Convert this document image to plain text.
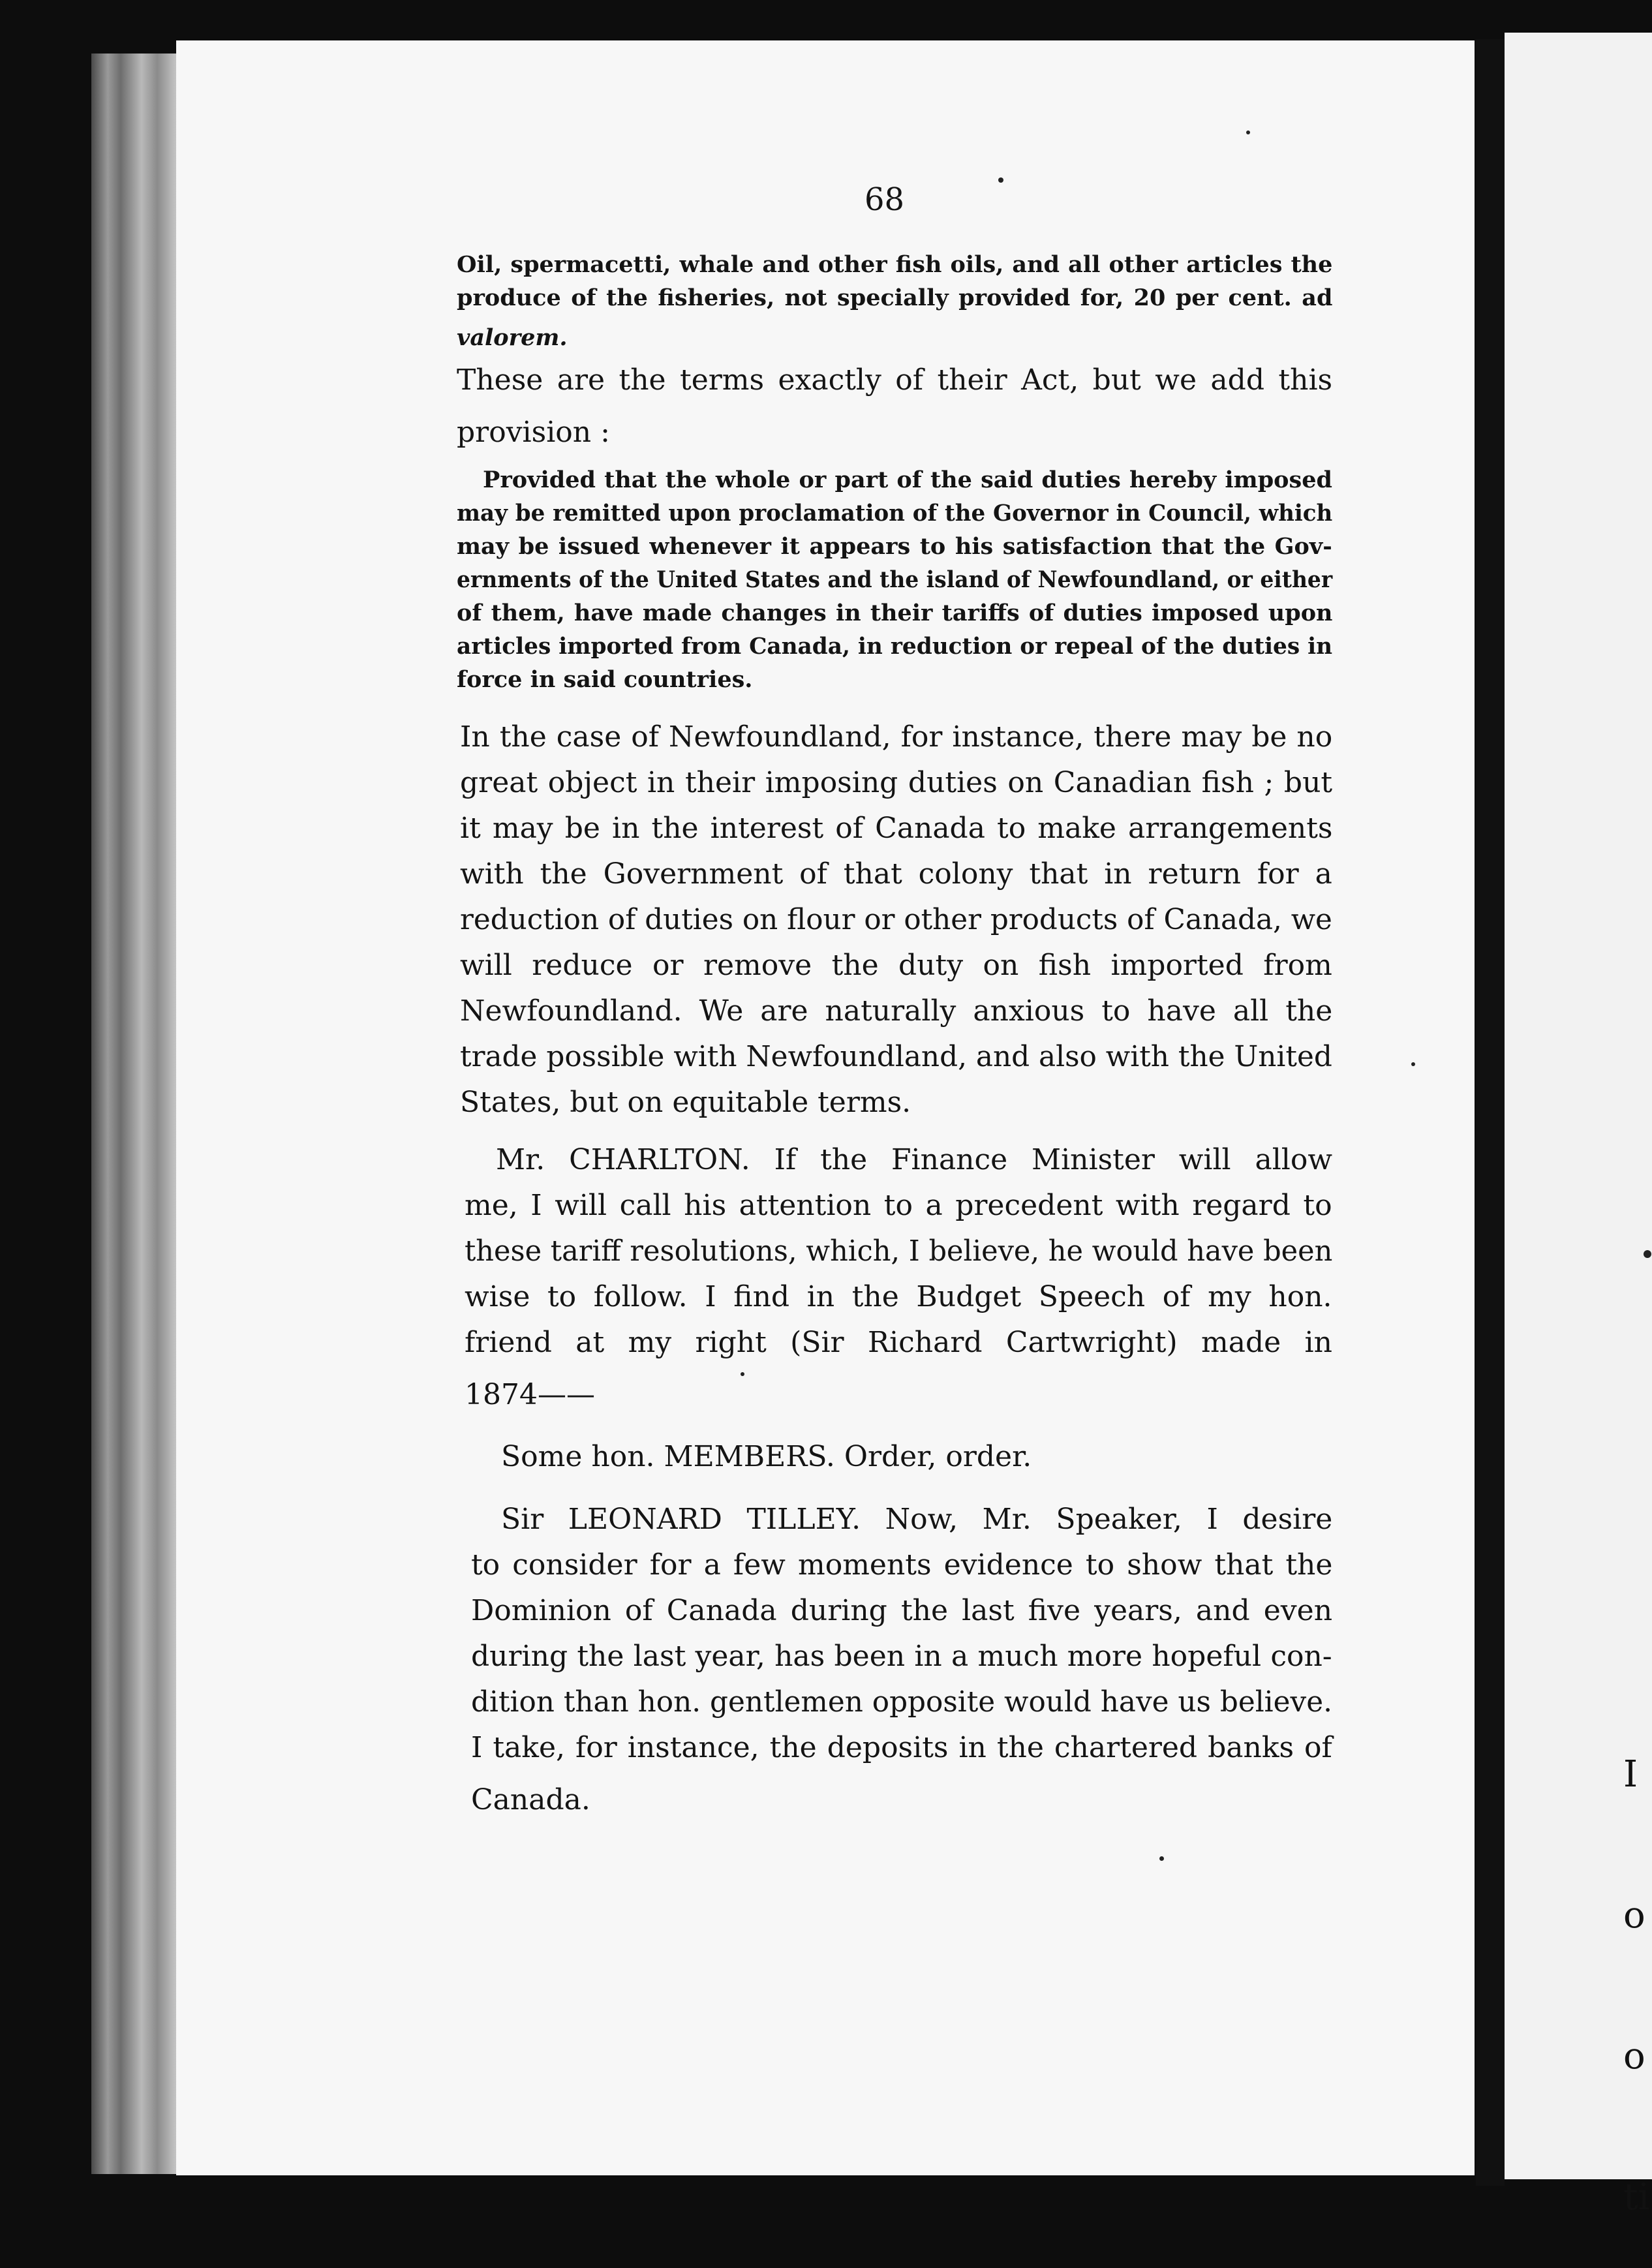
I

o

o

ti

68
Oil, spermacetti, whale and other fish oils, and all other articles the
produce of the fisheries, not specially provided for, 20 per cent. ad
valorem.
These are the terms exactly of their Act, but we add this
provision :
Provided that the whole or part of the said duties hereby imposed
may be remitted upon proclamation of the Governor in Council, which
may be issued whenever it appears to his satisfaction that the Gov-
ernments of the United States and the island of Newfoundland, or either
of them, have made changes in their tariffs of duties imposed upon
articles imported from Canada, in reduction or repeal of the duties in
force in said countries.
In the case of Newfoundland, for instance, there may be no
great object in their imposing duties on Canadian fish ; but
it may be in the interest of Canada to make arrangements
with the Government of that colony that in return for a
reduction of duties on flour or other products of Canada, we
will reduce or remove the duty on fish imported from
Newfoundland. We are naturally anxious to have all the
trade possible with Newfoundland, and also with the United
States, but on equitable terms.
Mr. CHARLTON. If the Finance Minister will allow
me, I will call his attention to a precedent with regard to
these tariff resolutions, which, I believe, he would have been
wise to follow. I find in the Budget Speech of my hon.
friend at my right (Sir Richard Cartwright) made in
1874——
Some hon. MEMBERS. Order, order.
Sir LEONARD TILLEY. Now, Mr. Speaker, I desire
to consider for a few moments evidence to show that the
Dominion of Canada during the last five years, and even
during the last year, has been in a much more hopeful con-
dition than hon. gentlemen opposite would have us believe.
I take, for instance, the deposits in the chartered banks of
Canada.
